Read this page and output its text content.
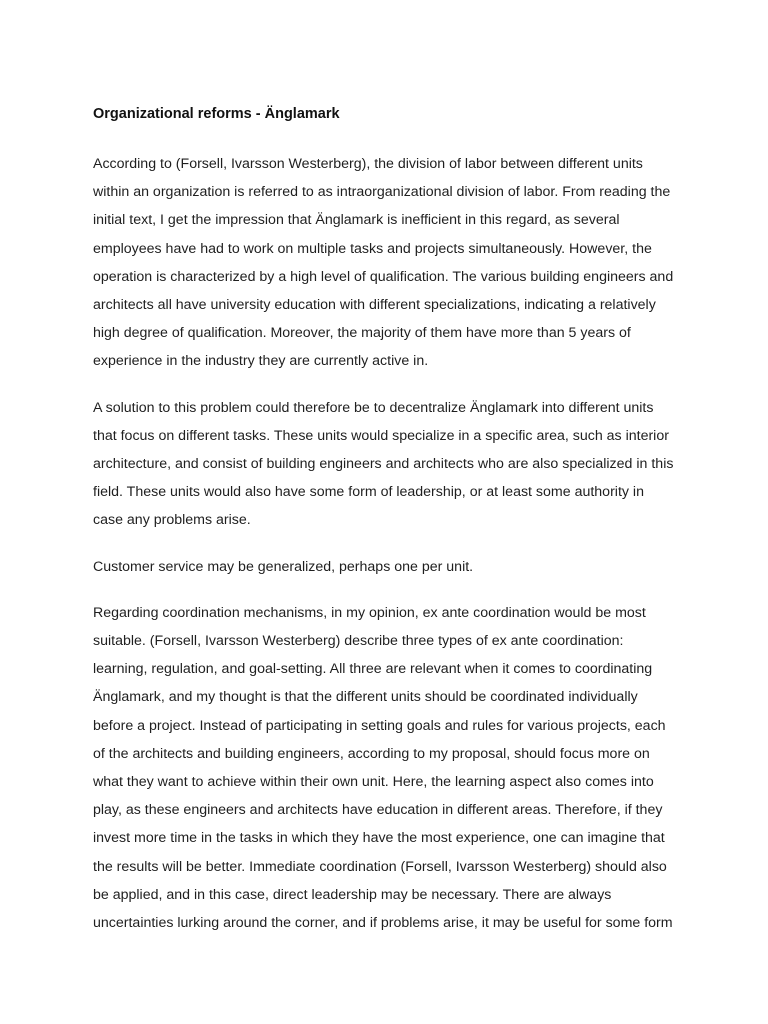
Organizational reforms - Änglamark
According to (Forsell, Ivarsson Westerberg), the division of labor between different units
within an organization is referred to as intraorganizational division of labor. From reading the
initial text, I get the impression that Änglamark is inefficient in this regard, as several
employees have had to work on multiple tasks and projects simultaneously. However, the
operation is characterized by a high level of qualification. The various building engineers and
architects all have university education with different specializations, indicating a relatively
high degree of qualification. Moreover, the majority of them have more than 5 years of
experience in the industry they are currently active in.
A solution to this problem could therefore be to decentralize Änglamark into different units
that focus on different tasks. These units would specialize in a specific area, such as interior
architecture, and consist of building engineers and architects who are also specialized in this
field. These units would also have some form of leadership, or at least some authority in
case any problems arise.
Customer service may be generalized, perhaps one per unit.
Regarding coordination mechanisms, in my opinion, ex ante coordination would be most
suitable. (Forsell, Ivarsson Westerberg) describe three types of ex ante coordination:
learning, regulation, and goal-setting. All three are relevant when it comes to coordinating
Änglamark, and my thought is that the different units should be coordinated individually
before a project. Instead of participating in setting goals and rules for various projects, each
of the architects and building engineers, according to my proposal, should focus more on
what they want to achieve within their own unit. Here, the learning aspect also comes into
play, as these engineers and architects have education in different areas. Therefore, if they
invest more time in the tasks in which they have the most experience, one can imagine that
the results will be better. Immediate coordination (Forsell, Ivarsson Westerberg) should also
be applied, and in this case, direct leadership may be necessary. There are always
uncertainties lurking around the corner, and if problems arise, it may be useful for some form
